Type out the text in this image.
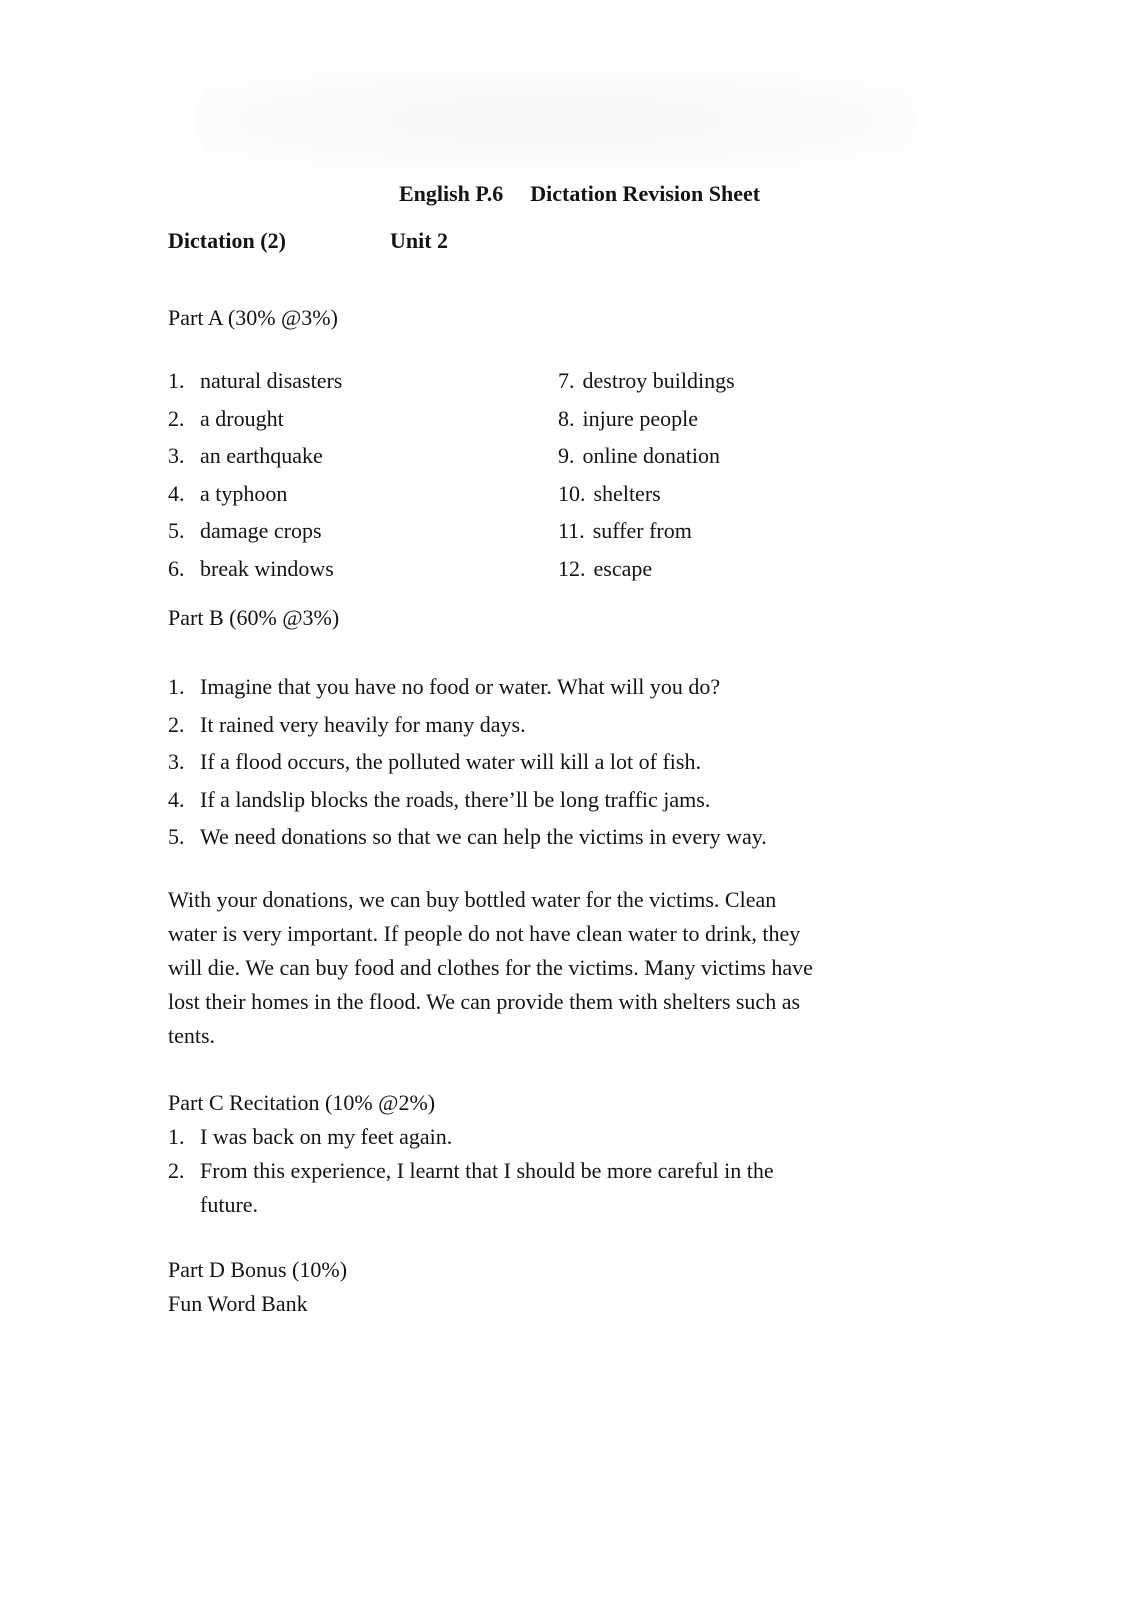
English P.6 Dictation Revision Sheet
Dictation (2)	Unit 2
Part A (30% @3%)
1. natural disasters
2. a drought
3. an earthquake
4. a typhoon
5. damage crops
6. break windows
7. destroy buildings
8. injure people
9. online donation
10. shelters
11. suffer from
12. escape
Part B (60% @3%)
1. Imagine that you have no food or water. What will you do?
2. It rained very heavily for many days.
3. If a flood occurs, the polluted water will kill a lot of fish.
4. If a landslip blocks the roads, there’ll be long traffic jams.
5. We need donations so that we can help the victims in every way.
With your donations, we can buy bottled water for the victims. Clean
water is very important. If people do not have clean water to drink, they
will die. We can buy food and clothes for the victims. Many victims have
lost their homes in the flood. We can provide them with shelters such as
tents.
Part C Recitation (10% @2%)
1. I was back on my feet again.
2. From this experience, I learnt that I should be more careful in the
future.
Part D Bonus (10%)
Fun Word Bank
